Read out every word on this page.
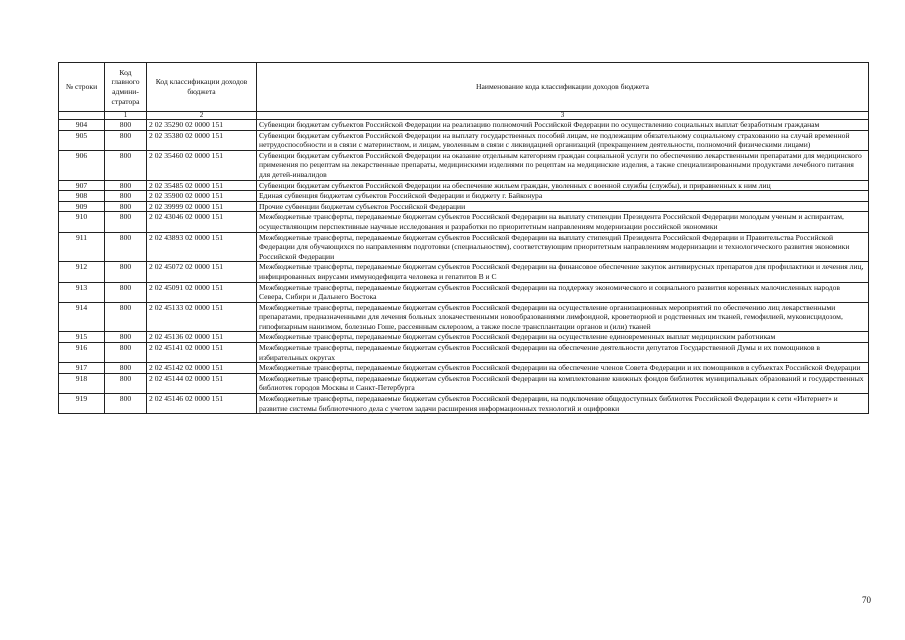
№ строки	Код главного админи-стратора	Код классификации доходов бюджета	Наименование кода классификации доходов бюджета
	1	2	3
904	800	2 02 35290 02 0000 151	Субвенции бюджетам субъектов Российской Федерации на реализацию полномочий Российской Федерации по осуществлению социальных выплат безработным гражданам
905	800	2 02 35380 02 0000 151	Субвенции бюджетам субъектов Российской Федерации на выплату государственных пособий лицам, не подлежащим обязательному социальному страхованию на случай временной нетрудоспособности и в связи с материнством, и лицам, уволенным в связи с ликвидацией организаций (прекращением деятельности, полномочий физическими лицами)
906	800	2 02 35460 02 0000 151	Субвенции бюджетам субъектов Российской Федерации на оказание отдельным категориям граждан социальной услуги по обеспечению лекарственными препаратами для медицинского применения по рецептам на лекарственные препараты, медицинскими изделиями по рецептам на медицинские изделия, а также специализированными продуктами лечебного питания для детей-инвалидов
907	800	2 02 35485 02 0000 151	Субвенции бюджетам субъектов Российской Федерации на обеспечение жильем граждан, уволенных с военной службы (службы), и приравненных к ним лиц
908	800	2 02 35900 02 0000 151	Единая субвенция бюджетам субъектов Российской Федерации и бюджету г. Байконура
909	800	2 02 39999 02 0000 151	Прочие субвенции бюджетам субъектов Российской Федерации
910	800	2 02 43046 02 0000 151	Межбюджетные трансферты, передаваемые бюджетам субъектов Российской Федерации на выплату стипендии Президента Российской Федерации молодым ученым и аспирантам, осуществляющим перспективные научные исследования и разработки по приоритетным направлениям модернизации российской экономики
911	800	2 02 43893 02 0000 151	Межбюджетные трансферты, передаваемые бюджетам субъектов Российской Федерации на выплату стипендий Президента Российской Федерации и Правительства Российской Федерации для обучающихся по направлениям подготовки (специальностям), соответствующим приоритетным направлениям модернизации и технологического развития экономики Российской Федерации
912	800	2 02 45072 02 0000 151	Межбюджетные трансферты, передаваемые бюджетам субъектов Российской Федерации на финансовое обеспечение закупок антивирусных препаратов для профилактики и лечения лиц, инфицированных вирусами иммунодефицита человека и гепатитов В и С
913	800	2 02 45091 02 0000 151	Межбюджетные трансферты, передаваемые бюджетам субъектов Российской Федерации на поддержку экономического и социального развития коренных малочисленных народов Севера, Сибири и Дальнего Востока
914	800	2 02 45133 02 0000 151	Межбюджетные трансферты, передаваемые бюджетам субъектов Российской Федерации на осуществление организационных мероприятий по обеспечению лиц лекарственными препаратами, предназначенными для лечения больных злокачественными новообразованиями лимфоидной, кроветворной и родственных им тканей, гемофилией, муковисцидозом, гипофизарным нанизмом, болезнью Гоше, рассеянным склерозом, а также после трансплантации органов и (или) тканей
915	800	2 02 45136 02 0000 151	Межбюджетные трансферты, передаваемые бюджетам субъектов Российской Федерации на осуществление единовременных выплат медицинским работникам
916	800	2 02 45141 02 0000 151	Межбюджетные трансферты, передаваемые бюджетам субъектов Российской Федерации на обеспечение деятельности депутатов Государственной Думы и их помощников в избирательных округах
917	800	2 02 45142 02 0000 151	Межбюджетные трансферты, передаваемые бюджетам субъектов Российской Федерации на обеспечение членов Совета Федерации и их помощников в субъектах Российской Федерации
918	800	2 02 45144 02 0000 151	Межбюджетные трансферты, передаваемые бюджетам субъектов Российской Федерации на комплектование книжных фондов библиотек муниципальных образований и государственных библиотек городов Москвы и Санкт-Петербурга
919	800	2 02 45146 02 0000 151	Межбюджетные трансферты, передаваемые бюджетам субъектов Российской Федерации, на подключение общедоступных библиотек Российской Федерации к сети «Интернет» и развитие системы библиотечного дела с учетом задачи расширения информационных технологий и оцифровки
70
